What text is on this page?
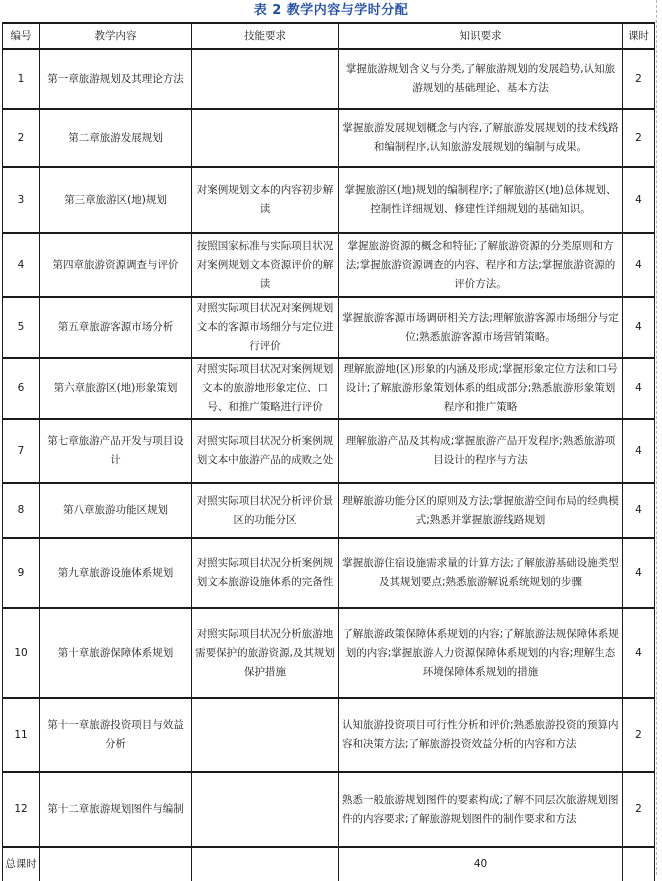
表 2 教学内容与学时分配
编号	教学内容	技能要求	知识要求	课时
1	第一章旅游规划及其理论方法		掌握旅游规划含义与分类,了解旅游规划的发展趋势,认知旅游规划的基础理论、基本方法	2
2	第二章旅游发展规划		掌握旅游发展规划概念与内容,了解旅游发展规划的技术线路和编制程序,认知旅游发展规划的编制与成果。	2
3	第三章旅游区(地)规划	对案例规划文本的内容初步解读	掌握旅游区(地)规划的编制程序;了解旅游区(地)总体规划、控制性详细规划、修建性详细规划的基础知识。	4
4	第四章旅游资源调查与评价	按照国家标准与实际项目状况对案例规划文本资源评价的解读	掌握旅游资源的概念和特征;了解旅游资源的分类原则和方法;掌握旅游资源调查的内容、程序和方法;掌握旅游资源的评价方法。	4
5	第五章旅游客源市场分析	对照实际项目状况对案例规划文本的客源市场细分与定位进行评价	掌握旅游客源市场调研相关方法;理解旅游客源市场细分与定位;熟悉旅游客源市场营销策略。	4
6	第六章旅游区(地)形象策划	对照实际项目状况对案例规划文本的旅游地形象定位、口号、和推广策略进行评价	理解旅游地(区)形象的内涵及形成;掌握形象定位方法和口号设计;了解旅游形象策划体系的组成部分;熟悉旅游形象策划程序和推广策略	4
7	第七章旅游产品开发与项目设计	对照实际项目状况分析案例规划文本中旅游产品的成败之处	理解旅游产品及其构成;掌握旅游产品开发程序;熟悉旅游项目设计的程序与方法	4
8	第八章旅游功能区规划	对照实际项目状况分析评价景区的功能分区	理解旅游功能分区的原则及方法;掌握旅游空间布局的经典模式;熟悉并掌握旅游线路规划	4
9	第九章旅游设施体系规划	对照实际项目状况分析案例规划文本旅游设施体系的完备性	掌握旅游住宿设施需求量的计算方法;了解旅游基础设施类型及其规划要点;熟悉旅游解说系统规划的步骤	4
10	第十章旅游保障体系规划	对照实际项目状况分析旅游地需要保护的旅游资源,及其规划保护措施	了解旅游政策保障体系规划的内容;了解旅游法规保障体系规划的内容;掌握旅游人力资源保障体系规划的内容;理解生态环境保障体系规划的措施	4
11	第十一章旅游投资项目与效益分析		认知旅游投资项目可行性分析和评价;熟悉旅游投资的预算内容和决策方法;了解旅游投资效益分析的内容和方法	2
12	第十二章旅游规划图件与编制		熟悉一般旅游规划图件的要素构成;了解不同层次旅游规划图件的内容要求;了解旅游规划图件的制作要求和方法	2
总课时			40	
